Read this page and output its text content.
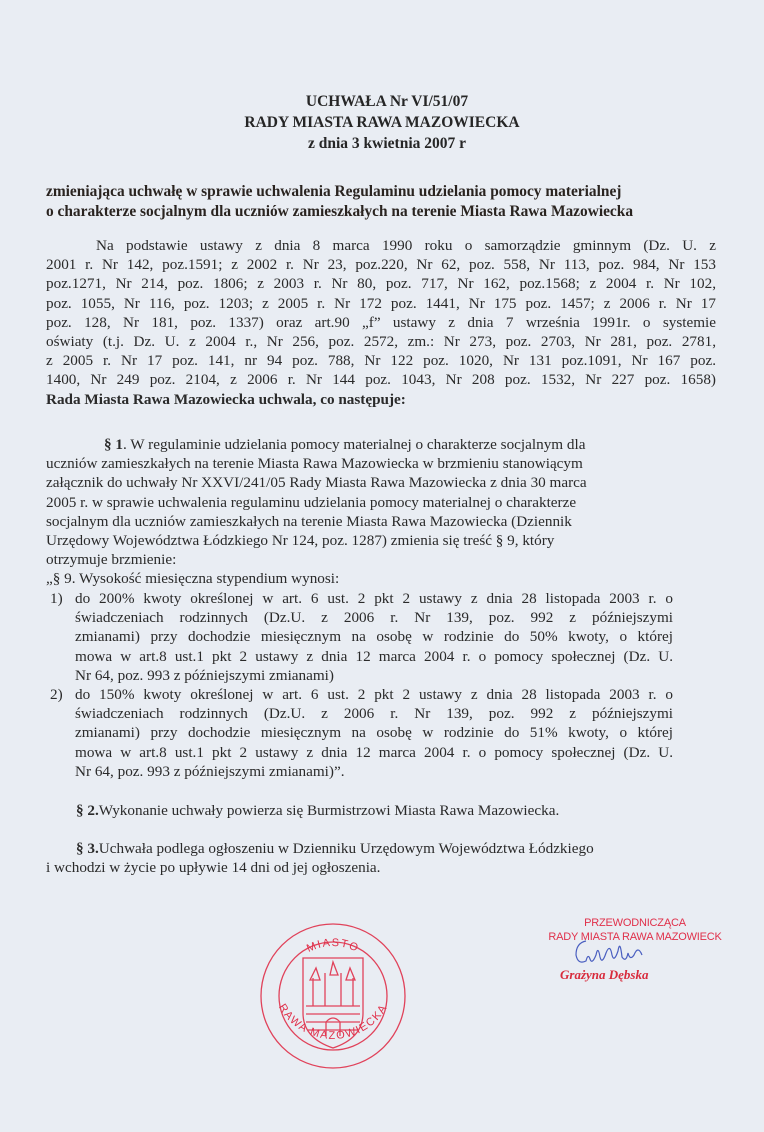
UCHWAŁA Nr VI/51/07
RADY MIASTA RAWA MAZOWIECKA
z dnia 3 kwietnia 2007 r
zmieniająca uchwałę w sprawie uchwalenia Regulaminu udzielania pomocy materialnej
o charakterze socjalnym dla uczniów zamieszkałych na terenie Miasta Rawa Mazowiecka
Na podstawie ustawy z dnia 8 marca 1990 roku o samorządzie gminnym (Dz. U. z
2001 r. Nr 142, poz.1591; z 2002 r. Nr 23, poz.220, Nr 62, poz. 558, Nr 113, poz. 984, Nr 153
poz.1271, Nr 214, poz. 1806; z 2003 r. Nr 80, poz. 717, Nr 162, poz.1568; z 2004 r. Nr 102,
poz. 1055, Nr 116, poz. 1203; z 2005 r. Nr 172 poz. 1441, Nr 175 poz. 1457; z 2006 r. Nr 17
poz. 128, Nr 181, poz. 1337) oraz art.90 „f” ustawy z dnia 7 września 1991r. o systemie
oświaty (t.j. Dz. U. z 2004 r., Nr 256, poz. 2572, zm.: Nr 273, poz. 2703, Nr 281, poz. 2781,
z 2005 r. Nr 17 poz. 141, nr 94 poz. 788, Nr 122 poz. 1020, Nr 131 poz.1091, Nr 167 poz.
1400, Nr 249 poz. 2104, z 2006 r. Nr 144 poz. 1043, Nr 208 poz. 1532, Nr 227 poz. 1658)
Rada Miasta Rawa Mazowiecka uchwala, co następuje:
§ 1. W regulaminie udzielania pomocy materialnej o charakterze socjalnym dla
uczniów zamieszkałych na terenie Miasta Rawa Mazowiecka w brzmieniu stanowiącym
załącznik do uchwały Nr XXVI/241/05 Rady Miasta Rawa Mazowiecka z dnia 30 marca
2005 r. w sprawie uchwalenia regulaminu udzielania pomocy materialnej o charakterze
socjalnym dla uczniów zamieszkałych na terenie Miasta Rawa Mazowiecka (Dziennik
Urzędowy Województwa Łódzkiego Nr 124, poz. 1287) zmienia się treść § 9, który
otrzymuje brzmienie:
„§ 9. Wysokość miesięczna stypendium wynosi:
1) do 200% kwoty określonej w art. 6 ust. 2 pkt 2 ustawy z dnia 28 listopada 2003 r. o
świadczeniach rodzinnych (Dz.U. z 2006 r. Nr 139, poz. 992 z późniejszymi
zmianami) przy dochodzie miesięcznym na osobę w rodzinie do 50% kwoty, o której
mowa w art.8 ust.1 pkt 2 ustawy z dnia 12 marca 2004 r. o pomocy społecznej (Dz. U.
Nr 64, poz. 993 z późniejszymi zmianami)
2) do 150% kwoty określonej w art. 6 ust. 2 pkt 2 ustawy z dnia 28 listopada 2003 r. o
świadczeniach rodzinnych (Dz.U. z 2006 r. Nr 139, poz. 992 z późniejszymi
zmianami) przy dochodzie miesięcznym na osobę w rodzinie do 51% kwoty, o której
mowa w art.8 ust.1 pkt 2 ustawy z dnia 12 marca 2004 r. o pomocy społecznej (Dz. U.
Nr 64, poz. 993 z późniejszymi zmianami)”.
§ 2.Wykonanie uchwały powierza się Burmistrzowi Miasta Rawa Mazowiecka.
§ 3.Uchwała podlega ogłoszeniu w Dzienniku Urzędowym Województwa Łódzkiego
i wchodzi w życie po upływie 14 dni od jej ogłoszenia.
MIASTO
RAWA MAZOWIECKA
PRZEWODNICZĄCA
RADY MIASTA RAWA MAZOWIECK
Grażyna Dębska
